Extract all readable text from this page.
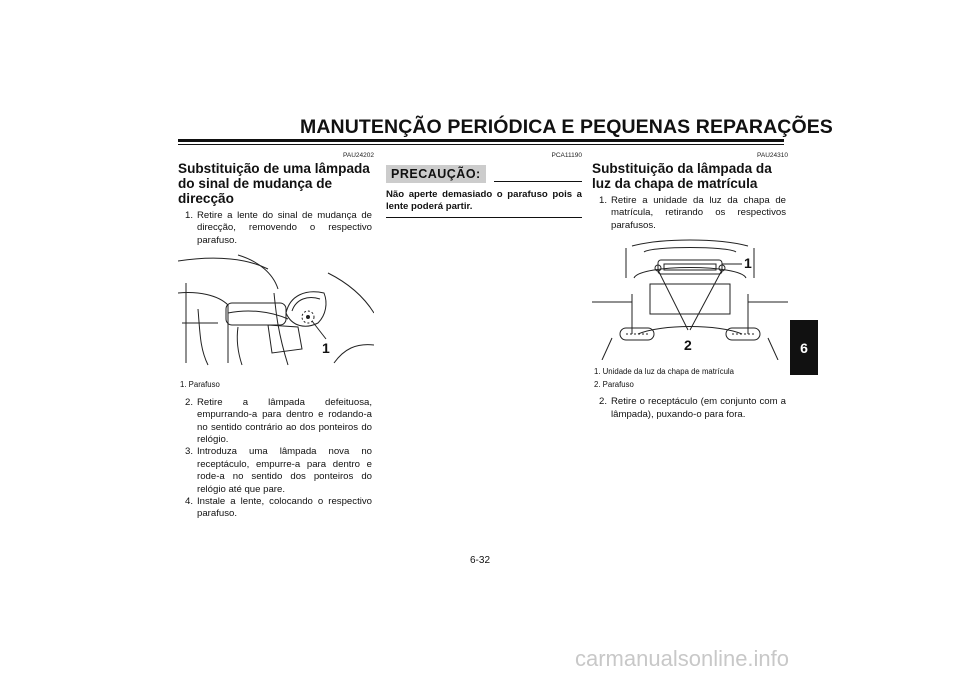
MANUTENÇÃO PERIÓDICA E PEQUENAS REPARAÇÕES
PAU24202
Substituição de uma lâmpada do sinal de mudança de direcção
1. Retire a lente do sinal de mudança de direcção, removendo o respectivo parafuso.
1
1. Parafuso
2. Retire a lâmpada defeituosa, empurrando-a para dentro e rodando-a no sentido contrário ao dos ponteiros do relógio.
3. Introduza uma lâmpada nova no receptáculo, empurre-a para dentro e rode-a no sentido dos ponteiros do relógio até que pare.
4. Instale a lente, colocando o respectivo parafuso.
PCA11190
PRECAUÇÃO:
Não aperte demasiado o parafuso pois a lente poderá partir.
PAU24310
Substituição da lâmpada da luz da chapa de matrícula
1. Retire a unidade da luz da chapa de matrícula, retirando os respectivos parafusos.
1
2
1. Unidade da luz da chapa de matrícula
2. Parafuso
2. Retire o receptáculo (em conjunto com a lâmpada), puxando-o para fora.
6
6-32
carmanualsonline.info
